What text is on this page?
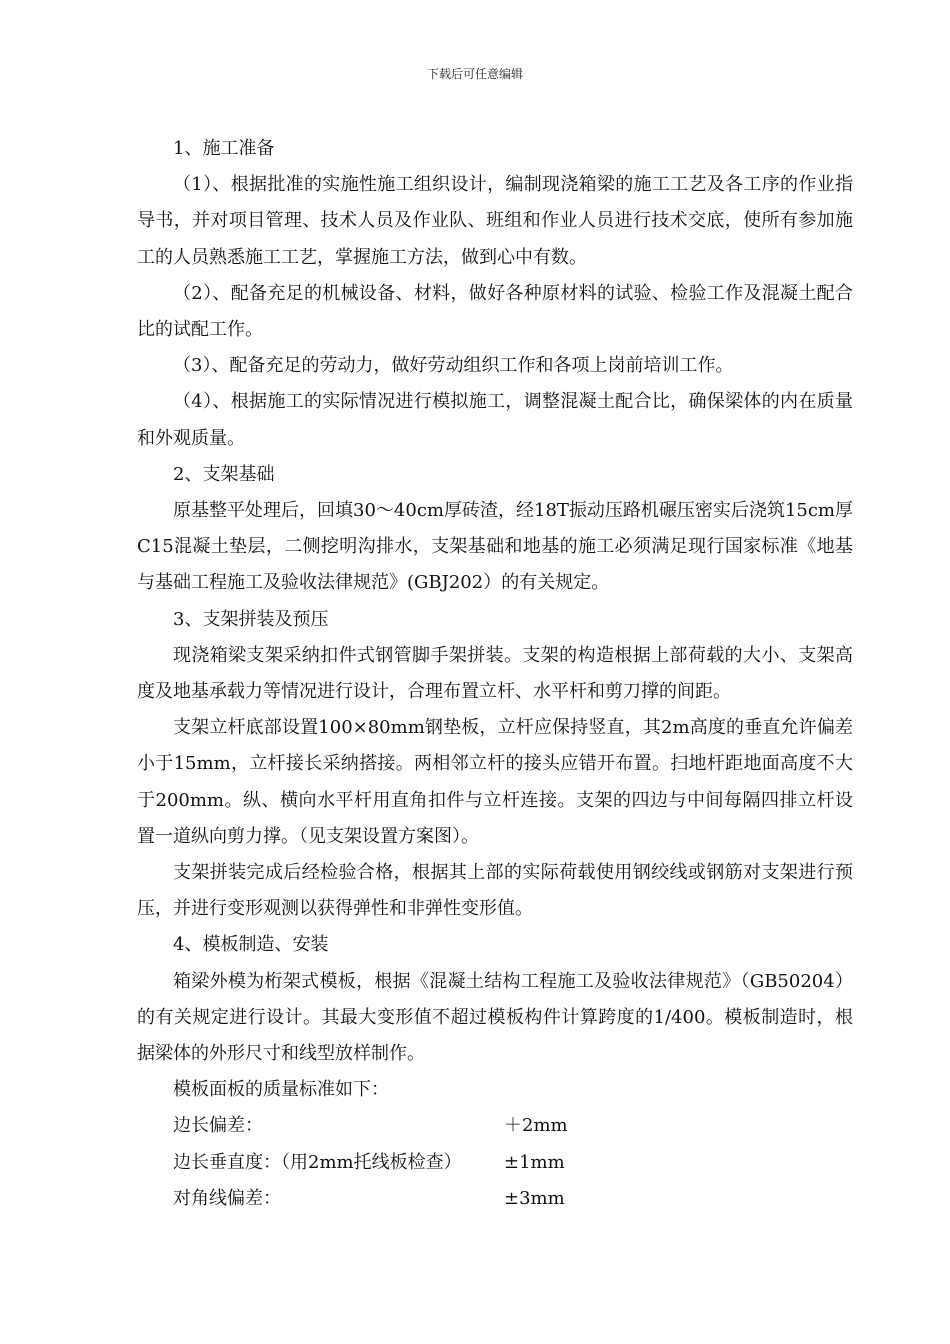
下载后可任意编辑

1、施工准备

（1）、根据批准的实施性施工组织设计，编制现浇箱梁的施工工艺及各工序的作业指导书，并对项目管理、技术人员及作业队、班组和作业人员进行技术交底，使所有参加施工的人员熟悉施工工艺，掌握施工方法，做到心中有数。

（2）、配备充足的机械设备、材料，做好各种原材料的试验、检验工作及混凝土配合比的试配工作。

（3）、配备充足的劳动力，做好劳动组织工作和各项上岗前培训工作。

（4）、根据施工的实际情况进行模拟施工，调整混凝土配合比，确保梁体的内在质量和外观质量。

2、支架基础

原基整平处理后，回填30～40cm厚砖渣，经18T振动压路机碾压密实后浇筑15cm厚C15混凝土垫层，二侧挖明沟排水，支架基础和地基的施工必须满足现行国家标准《地基与基础工程施工及验收法律规范》(GBJ202）的有关规定。

3、支架拼装及预压

现浇箱梁支架采纳扣件式钢管脚手架拼装。支架的构造根据上部荷载的大小、支架高度及地基承载力等情况进行设计，合理布置立杆、水平杆和剪刀撑的间距。

支架立杆底部设置100×80mm钢垫板，立杆应保持竖直，其2m高度的垂直允许偏差小于15mm，立杆接长采纳搭接。两相邻立杆的接头应错开布置。扫地杆距地面高度不大于200mm。纵、横向水平杆用直角扣件与立杆连接。支架的四边与中间每隔四排立杆设置一道纵向剪力撑。（见支架设置方案图）。

支架拼装完成后经检验合格，根据其上部的实际荷载使用钢绞线或钢筋对支架进行预压，并进行变形观测以获得弹性和非弹性变形值。

4、模板制造、安装

箱梁外模为桁架式模板，根据《混凝土结构工程施工及验收法律规范》（GB50204）的有关规定进行设计。其最大变形值不超过模板构件计算跨度的1/400。模板制造时，根据梁体的外形尺寸和线型放样制作。

模板面板的质量标准如下：

边长偏差：	＋2mm
边长垂直度：（用2mm托线板检查） ±1mm
对角线偏差：	±3mm
